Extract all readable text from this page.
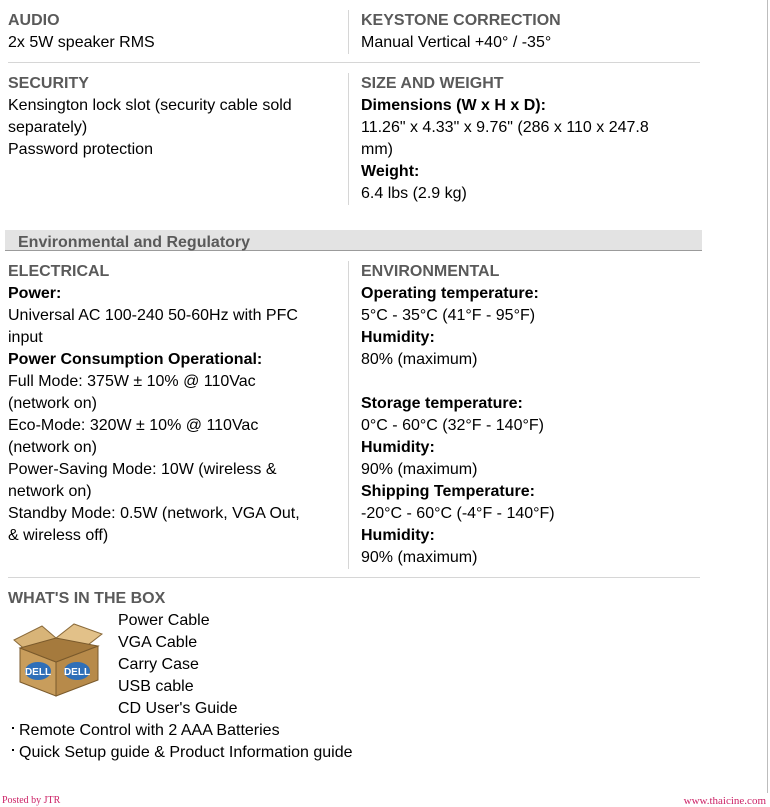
AUDIO
2x 5W speaker RMS
KEYSTONE CORRECTION
Manual Vertical +40° / -35°
SECURITY
Kensington lock slot (security cable sold
separately)
Password protection
SIZE AND WEIGHT
Dimensions (W x H x D):
11.26" x 4.33" x 9.76" (286 x 110 x 247.8
mm)
Weight:
6.4 lbs (2.9 kg)
Environmental and Regulatory
ELECTRICAL
Power:
Universal AC 100-240 50-60Hz with PFC
input
Power Consumption Operational:
Full Mode: 375W ± 10% @ 110Vac
(network on)
Eco-Mode: 320W ± 10% @ 110Vac
(network on)
Power-Saving Mode: 10W (wireless &
network on)
Standby Mode: 0.5W (network, VGA Out,
& wireless off)
ENVIRONMENTAL
Operating temperature:
5°C - 35°C (41°F - 95°F)
Humidity:
80% (maximum)
Storage temperature:
0°C - 60°C (32°F - 140°F)
Humidity:
90% (maximum)
Shipping Temperature:
-20°C - 60°C (-4°F - 140°F)
Humidity:
90% (maximum)
WHAT'S IN THE BOX
DELL DELL
Power Cable
VGA Cable
Carry Case
USB cable
CD User's Guide
Remote Control with 2 AAA Batteries
Quick Setup guide & Product Information guide
Posted by JTR	www.thaicine.com
